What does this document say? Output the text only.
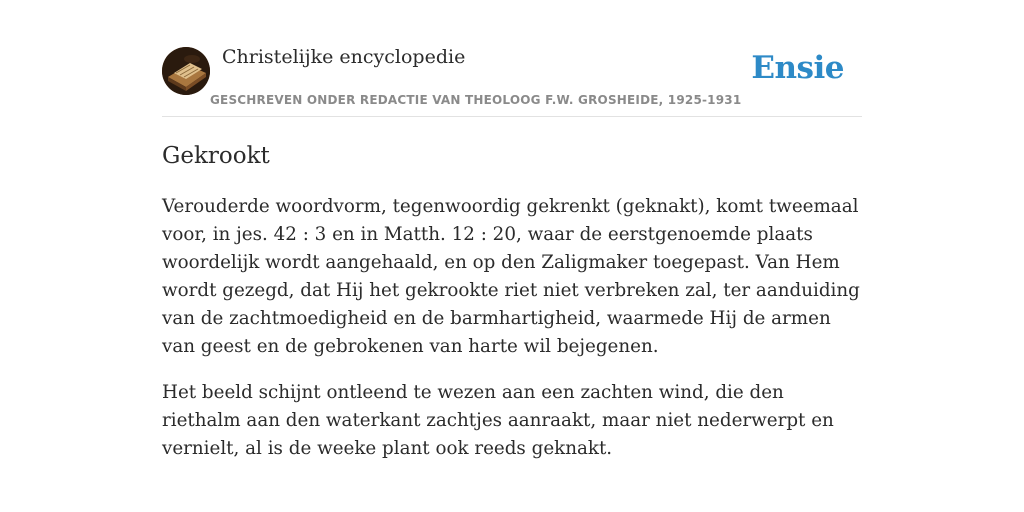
Christelijke encyclopedie
GESCHREVEN ONDER REDACTIE VAN THEOLOOG F.W. GROSHEIDE, 1925-1931
Ensie
Gekrookt

Verouderde woordvorm, tegenwoordig gekrenkt (geknakt), komt tweemaal voor, in jes. 42 : 3 en in Matth. 12 : 20, waar de eerstgenoemde plaats woordelijk wordt aangehaald, en op den Zaligmaker toegepast. Van Hem wordt gezegd, dat Hij het gekrookte riet niet verbreken zal, ter aanduiding van de zachtmoedigheid en de barmhartigheid, waarmede Hij de armen van geest en de gebrokenen van harte wil bejegenen.

Het beeld schijnt ontleend te wezen aan een zachten wind, die den riethalm aan den waterkant zachtjes aanraakt, maar niet nederwerpt en vernielt, al is de weeke plant ook reeds geknakt.
